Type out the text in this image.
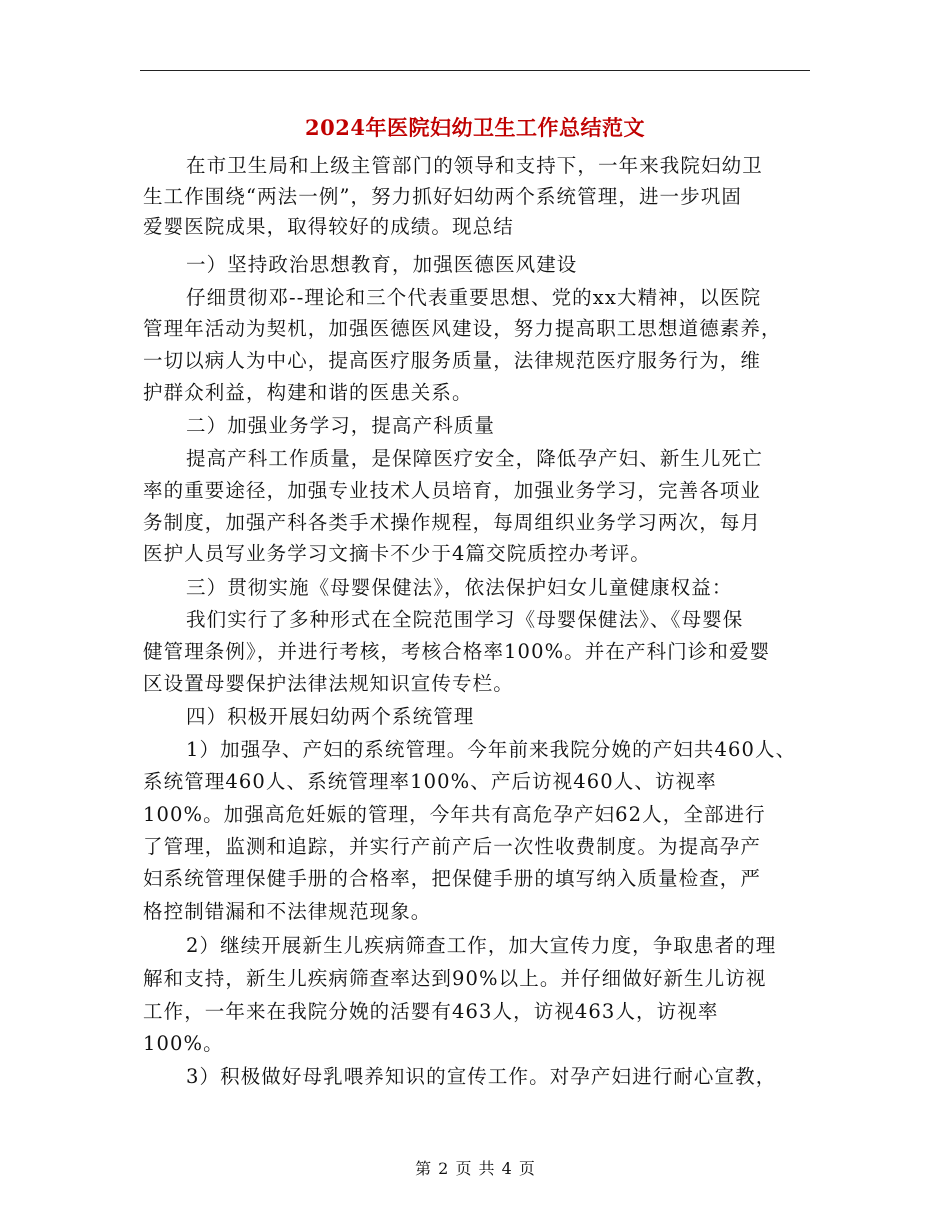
2024年医院妇幼卫生工作总结范文
在市卫生局和上级主管部门的领导和支持下，一年来我院妇幼卫
生工作围绕“两法一例”，努力抓好妇幼两个系统管理，进一步巩固
爱婴医院成果，取得较好的成绩。现总结
一）坚持政治思想教育，加强医德医风建设
仔细贯彻邓--理论和三个代表重要思想、党的xx大精神，以医院
管理年活动为契机，加强医德医风建设，努力提高职工思想道德素养，
一切以病人为中心，提高医疗服务质量，法律规范医疗服务行为，维
护群众利益，构建和谐的医患关系。
二）加强业务学习，提高产科质量
提高产科工作质量，是保障医疗安全，降低孕产妇、新生儿死亡
率的重要途径，加强专业技术人员培育，加强业务学习，完善各项业
务制度，加强产科各类手术操作规程，每周组织业务学习两次，每月
医护人员写业务学习文摘卡不少于4篇交院质控办考评。
三）贯彻实施《母婴保健法》，依法保护妇女儿童健康权益：
我们实行了多种形式在全院范围学习《母婴保健法》、《母婴保
健管理条例》，并进行考核，考核合格率100%。并在产科门诊和爱婴
区设置母婴保护法律法规知识宣传专栏。
四）积极开展妇幼两个系统管理
1）加强孕、产妇的系统管理。今年前来我院分娩的产妇共460人、
系统管理460人、系统管理率100%、产后访视460人、访视率
100%。加强高危妊娠的管理，今年共有高危孕产妇62人，全部进行
了管理，监测和追踪，并实行产前产后一次性收费制度。为提高孕产
妇系统管理保健手册的合格率，把保健手册的填写纳入质量检查，严
格控制错漏和不法律规范现象。
2）继续开展新生儿疾病筛查工作，加大宣传力度，争取患者的理
解和支持，新生儿疾病筛查率达到90%以上。并仔细做好新生儿访视
工作，一年来在我院分娩的活婴有463人，访视463人，访视率
100%。
3）积极做好母乳喂养知识的宣传工作。对孕产妇进行耐心宣教，
第 2 页 共 4 页
